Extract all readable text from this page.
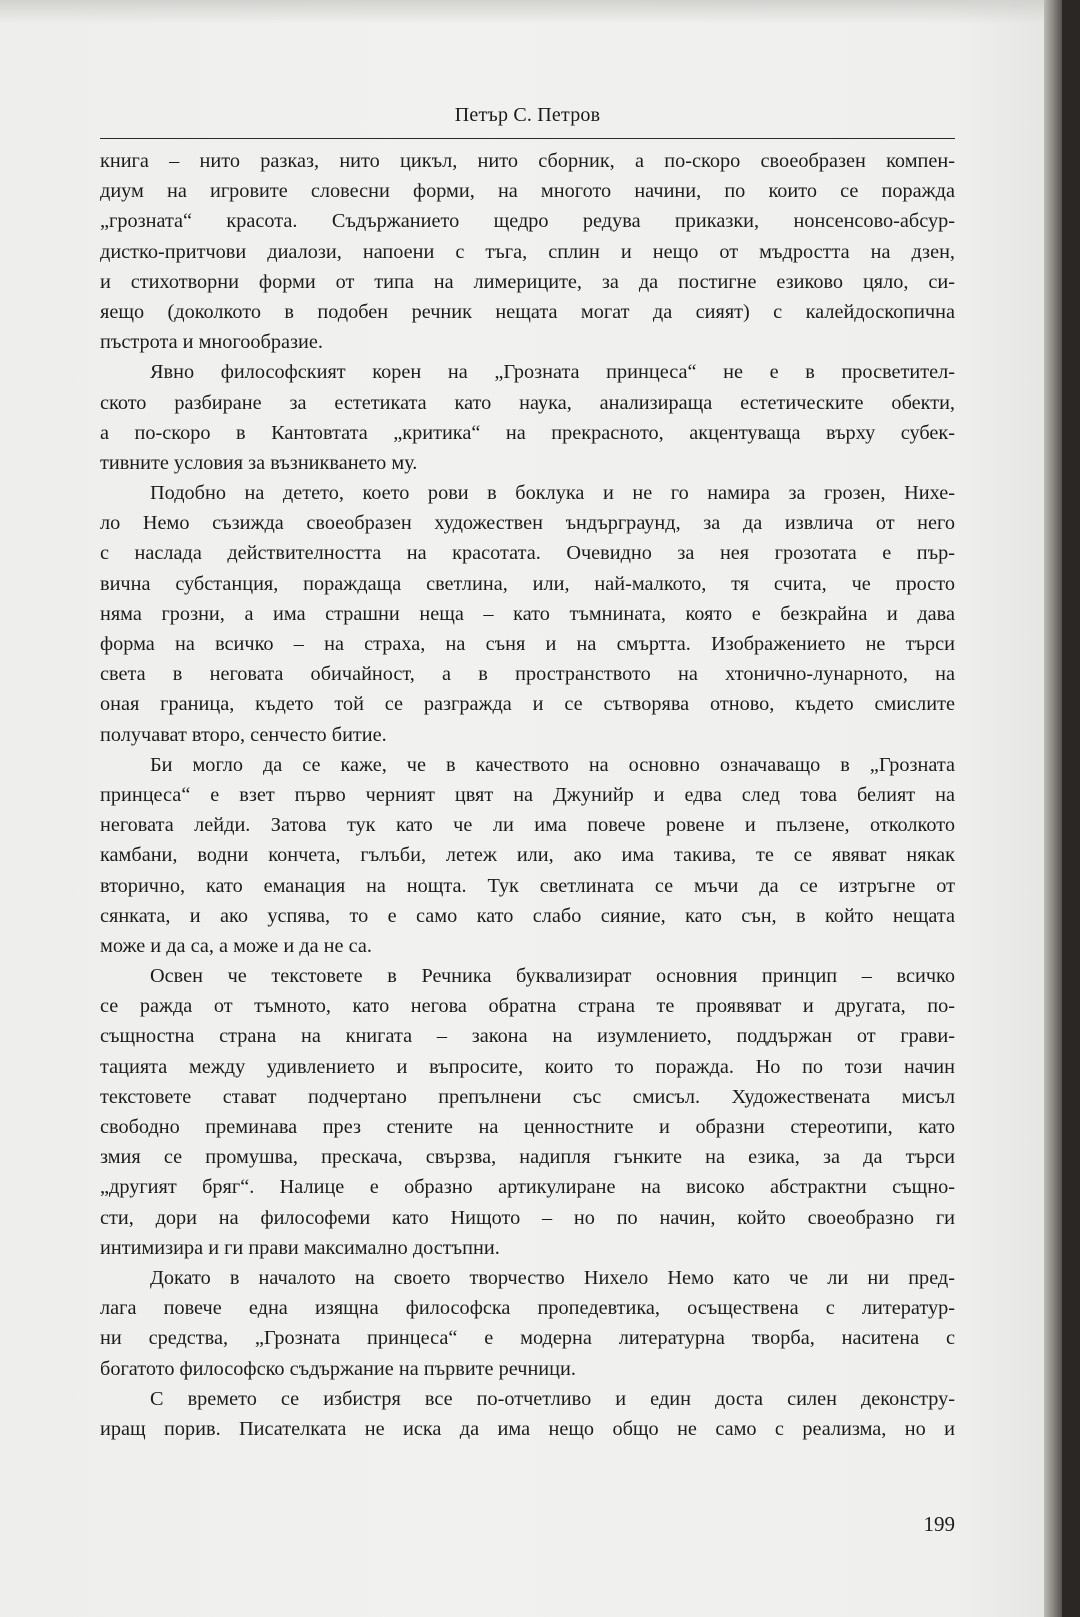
Петър С. Петров
книга – нито разказ, нито цикъл, нито сборник, а по-скоро своеобразен компен-
диум на игровите словесни форми, на многото начини, по които се поражда
„грозната“ красота. Съдържанието щедро редува приказки, нонсенсово-абсур-
дистко-притчови диалози, напоени с тъга, сплин и нещо от мъдростта на дзен,
и стихотворни форми от типа на лимериците, за да постигне езиково цяло, си-
яещо (доколкото в подобен речник нещата могат да сияят) с калейдоскопична
пъстрота и многообразие.
Явно философският корен на „Грозната принцеса“ не е в просветител-
ското разбиране за естетиката като наука, анализираща естетическите обекти,
а по-скоро в Кантовтата „критика“ на прекрасното, акцентуваща върху субек-
тивните условия за възникването му.
Подобно на детето, което рови в боклука и не го намира за грозен, Нихе-
ло Немо съзижда своеобразен художествен ъндърграунд, за да извлича от него
с наслада действителността на красотата. Очевидно за нея грозотата е пър-
вична субстанция, пораждаща светлина, или, най-малкото, тя счита, че просто
няма грозни, а има страшни неща – като тъмнината, която е безкрайна и дава
форма на всичко – на страха, на съня и на смъртта. Изображението не търси
света в неговата обичайност, а в пространството на хтонично-лунарното, на
оная граница, където той се разгражда и се сътворява отново, където смислите
получават второ, сенчесто битие.
Би могло да се каже, че в качеството на основно означаващо в „Грозната
принцеса“ е взет първо черният цвят на Джунийр и едва след това белият на
неговата лейди. Затова тук като че ли има повече ровене и пълзене, отколкото
камбани, водни кончета, гълъби, летеж или, ако има такива, те се явяват някак
вторично, като еманация на нощта. Тук светлината се мъчи да се изтръгне от
сянката, и ако успява, то е само като слабо сияние, като сън, в който нещата
може и да са, а може и да не са.
Освен че текстовете в Речника буквализират основния принцип – всичко
се ражда от тъмното, като негова обратна страна те проявяват и другата, по-
същностна страна на книгата – закона на изумлението, поддържан от грави-
тацията между удивлението и въпросите, които то поражда. Но по този начин
текстовете стават подчертано препълнени със смисъл. Художествената мисъл
свободно преминава през стените на ценностните и образни стереотипи, като
змия се промушва, прескача, свързва, надипля гънките на езика, за да търси
„другият бряг“. Налице е образно артикулиране на високо абстрактни същно-
сти, дори на философеми като Нищото – но по начин, който своеобразно ги
интимизира и ги прави максимално достъпни.
Докато в началото на своето творчество Нихело Немо като че ли ни пред-
лага повече една изящна философска пропедевтика, осъществена с литератур-
ни средства, „Грозната принцеса“ е модерна литературна творба, наситена с
богатото философско съдържание на първите речници.
С времето се избистря все по-отчетливо и един доста силен деконстру-
иращ порив. Писателката не иска да има нещо общо не само с реализма, но и
199
